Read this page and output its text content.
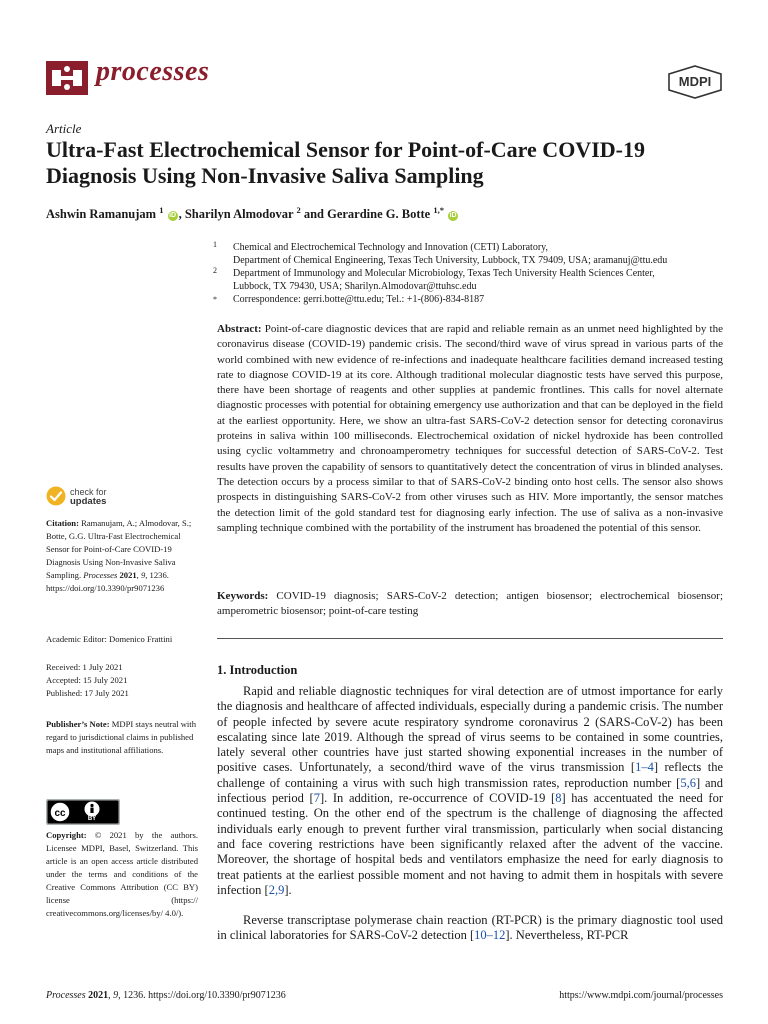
processes	MDPI
Article
Ultra-Fast Electrochemical Sensor for Point-of-Care COVID-19
Diagnosis Using Non-Invasive Saliva Sampling
Ashwin Ramanujam $^1$ iD , Sharilyn Almodovar $^2$ and Gerardine G. Botte $^{1,*}$ iD
1	Chemical and Electrochemical Technology and Innovation (CETI) Laboratory,
Department of Chemical Engineering, Texas Tech University, Lubbock, TX 79409, USA; aramanuj@ttu.edu
2	Department of Immunology and Molecular Microbiology, Texas Tech University Health Sciences Center,
Lubbock, TX 79430, USA; Sharilyn.Almodovar@ttuhsc.edu
*	Correspondence: gerri.botte@ttu.edu; Tel.: +1-(806)-834-8187
Abstract: Point-of-care diagnostic devices that are rapid and reliable remain as an unmet need highlighted by the coronavirus disease (COVID-19) pandemic crisis. The second/third wave of virus spread in various parts of the world combined with new evidence of re-infections and inadequate healthcare facilities demand increased testing rate to diagnose COVID-19 at its core. Although traditional molecular diagnostic tests have served this purpose, there have been shortage of reagents and other supplies at pandemic frontlines. This calls for novel alternate diagnostic processes with potential for obtaining emergency use authorization and that can be deployed in the field at the earliest opportunity. Here, we show an ultra-fast SARS-CoV-2 detection sensor for detecting coronavirus proteins in saliva within 100 milliseconds. Electrochemical oxidation of nickel hydroxide has been controlled using cyclic voltammetry and chronoamperometry techniques for successful detection of SARS-CoV-2. Test results have proven the capability of sensors to quantitatively detect the concentration of virus in blinded analyses. The detection occurs by a process similar to that of SARS-CoV-2 binding onto host cells. The sensor also shows prospects in distinguishing SARS-CoV-2 from other viruses such as HIV. More importantly, the sensor matches the detection limit of the gold standard test for diagnosing early infection. The use of saliva as a non-invasive sampling technique combined with the portability of the instrument has broadened the potential of this sensor.
Keywords: COVID-19 diagnosis; SARS-CoV-2 detection; antigen biosensor; electrochemical biosensor; amperometric biosensor; point-of-care testing
check for
updates
Citation: Ramanujam, A.; Almodovar, S.; Botte, G.G. Ultra-Fast Electrochemical Sensor for Point-of-Care COVID-19 Diagnosis Using Non-Invasive Saliva Sampling. Processes 2021, 9, 1236. https://doi.org/10.3390/pr9071236
Academic Editor: Domenico Frattini
Received: 1 July 2021
Accepted: 15 July 2021
Published: 17 July 2021
Publisher’s Note: MDPI stays neutral with regard to jurisdictional claims in published maps and institutional affiliations.
cc	BY
Copyright: © 2021 by the authors. Licensee MDPI, Basel, Switzerland. This article is an open access article distributed under the terms and conditions of the Creative Commons Attribution (CC BY) license (https:// creativecommons.org/licenses/by/ 4.0/).
1. Introduction
Rapid and reliable diagnostic techniques for viral detection are of utmost importance for early the diagnosis and healthcare of affected individuals, especially during a pandemic crisis. The number of people infected by severe acute respiratory syndrome coronavirus 2 (SARS-CoV-2) has been escalating since late 2019. Although the spread of virus seems to be contained in some countries, lately several other countries have just started showing exponential increases in the number of positive cases. Unfortunately, a second/third wave of the virus transmission [1–4] reflects the challenge of containing a virus with such high transmission rates, reproduction number [5,6] and infectious period [7]. In addition, re-occurrence of COVID-19 [8] has accentuated the need for continued testing. On the other end of the spectrum is the challenge of diagnosing the affected individuals early enough to prevent further viral transmission, particularly when social distancing and face covering restrictions have been significantly relaxed after the advent of the vaccine. Moreover, the shortage of hospital beds and ventilators emphasize the need for early diagnosis to treat patients at the earliest possible moment and not having to admit them in hospitals with severe infection [2,9].
Reverse transcriptase polymerase chain reaction (RT-PCR) is the primary diagnostic tool used in clinical laboratories for SARS-CoV-2 detection [10–12]. Nevertheless, RT-PCR
Processes 2021, 9, 1236. https://doi.org/10.3390/pr9071236	https://www.mdpi.com/journal/processes
